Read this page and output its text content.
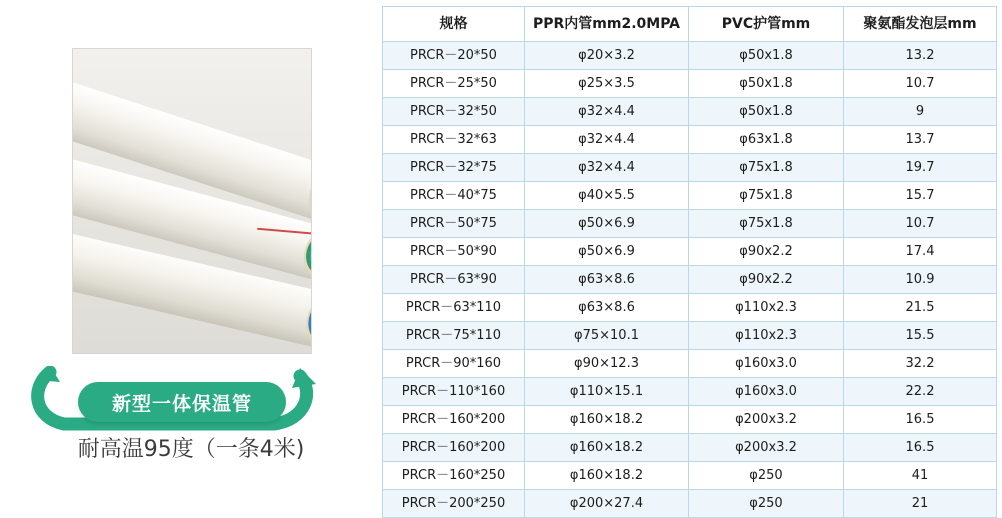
新型一体保温管
耐高温95度（一条4米)
规格	PPR内管mm2.0MPA	PVC护管mm	聚氨酯发泡层mm
PRCR－20*50	φ20×3.2	φ50x1.8	13.2
PRCR－25*50	φ25×3.5	φ50x1.8	10.7
PRCR－32*50	φ32×4.4	φ50x1.8	9
PRCR－32*63	φ32×4.4	φ63x1.8	13.7
PRCR－32*75	φ32×4.4	φ75x1.8	19.7
PRCR－40*75	φ40×5.5	φ75x1.8	15.7
PRCR－50*75	φ50×6.9	φ75x1.8	10.7
PRCR－50*90	φ50×6.9	φ90x2.2	17.4
PRCR－63*90	φ63×8.6	φ90x2.2	10.9
PRCR－63*110	φ63×8.6	φ110x2.3	21.5
PRCR－75*110	φ75×10.1	φ110x2.3	15.5
PRCR－90*160	φ90×12.3	φ160x3.0	32.2
PRCR－110*160	φ110×15.1	φ160x3.0	22.2
PRCR－160*200	φ160×18.2	φ200x3.2	16.5
PRCR－160*200	φ160×18.2	φ200x3.2	16.5
PRCR－160*250	φ160×18.2	φ250	41
PRCR－200*250	φ200×27.4	φ250	21
